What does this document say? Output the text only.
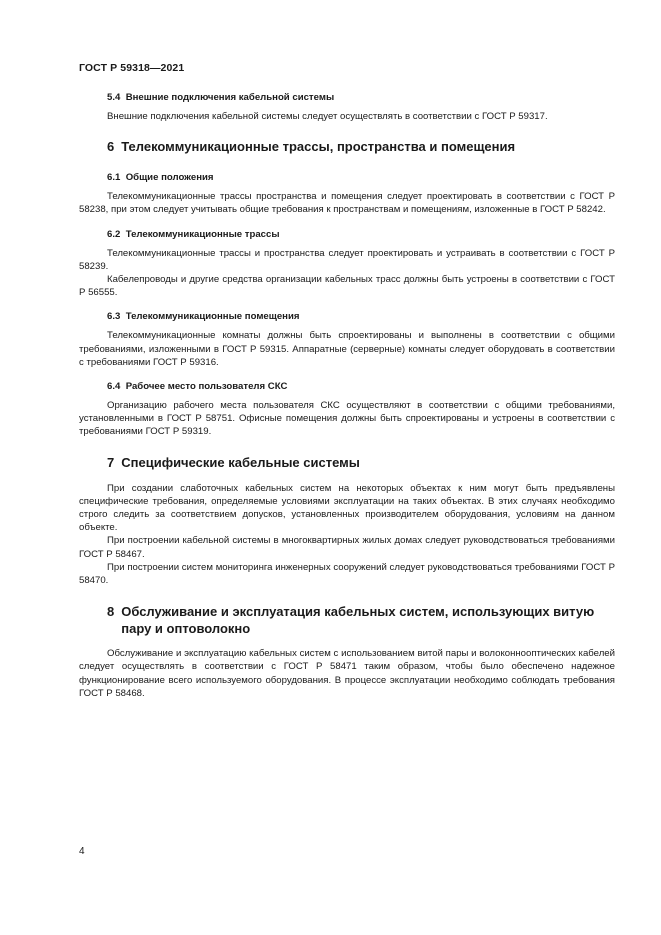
ГОСТ Р 59318—2021
5.4 Внешние подключения кабельной системы

Внешние подключения кабельной системы следует осуществлять в соответствии с ГОСТ Р 59317.

6 Телекоммуникационные трассы, пространства и помещения
6.1 Общие положения

Телекоммуникационные трассы пространства и помещения следует проектировать в соответствии с ГОСТ Р 58238, при этом следует учитывать общие требования к пространствам и помещениям, изложенные в ГОСТ Р 58242.

6.2 Телекоммуникационные трассы

Телекоммуникационные трассы и пространства следует проектировать и устраивать в соответствии с ГОСТ Р 58239.

Кабелепроводы и другие средства организации кабельных трасс должны быть устроены в соответствии с ГОСТ Р 56555.

6.3 Телекоммуникационные помещения

Телекоммуникационные комнаты должны быть спроектированы и выполнены в соответствии с общими требованиями, изложенными в ГОСТ Р 59315. Аппаратные (серверные) комнаты следует оборудовать в соответствии с требованиями ГОСТ Р 59316.

6.4 Рабочее место пользователя СКС

Организацию рабочего места пользователя СКС осуществляют в соответствии с общими требованиями, установленными в ГОСТ Р 58751. Офисные помещения должны быть спроектированы и устроены в соответствии с требованиями ГОСТ Р 59319.

7 Специфические кабельные системы

При создании слаботочных кабельных систем на некоторых объектах к ним могут быть предъявлены специфические требования, определяемые условиями эксплуатации на таких объектах. В этих случаях необходимо строго следить за соответствием допусков, установленных производителем оборудования, условиям на данном объекте.

При построении кабельной системы в многоквартирных жилых домах следует руководствоваться требованиями ГОСТ Р 58467.

При построении систем мониторинга инженерных сооружений следует руководствоваться требованиями ГОСТ Р 58470.

8 Обслуживание и эксплуатация кабельных систем, использующих витую пару и оптоволокно

Обслуживание и эксплуатацию кабельных систем с использованием витой пары и волоконнооптических кабелей следует осуществлять в соответствии с ГОСТ Р 58471 таким образом, чтобы было обеспечено надежное функционирование всего используемого оборудования. В процессе эксплуатации необходимо соблюдать требования ГОСТ Р 58468.

4
